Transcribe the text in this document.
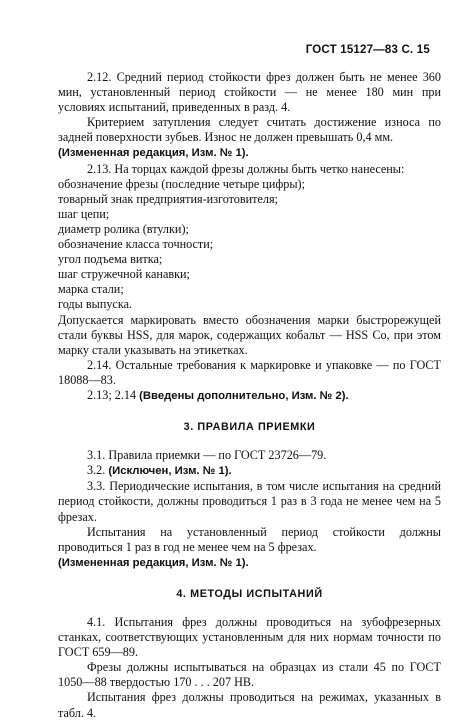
ГОСТ 15127—83 С. 15

2.12. Средний период стойкости фрез должен быть не менее 360 мин, установленный период стойкости — не менее 180 мин при условиях испытаний, приведенных в разд. 4.

Критерием затупления следует считать достижение износа по задней поверхности зубьев. Износ не должен превышать 0,4 мм.

(Измененная редакция, Изм. № 1).

2.13. На торцах каждой фрезы должны быть четко нанесены:

обозначение фрезы (последние четыре цифры);

товарный знак предприятия-изготовителя;

шаг цепи;

диаметр ролика (втулки);

обозначение класса точности;

угол подъема витка;

шаг стружечной канавки;

марка стали;

годы выпуска.

Допускается маркировать вместо обозначения марки быстрорежущей стали буквы HSS, для марок, содержащих кобальт — HSS Co, при этом марку стали указывать на этикетках.

2.14. Остальные требования к маркировке и упаковке — по ГОСТ 18088—83.

2.13; 2.14 (Введены дополнительно, Изм. № 2).

3. ПРАВИЛА ПРИЕМКИ

3.1. Правила приемки — по ГОСТ 23726—79.

3.2. (Исключен, Изм. № 1).

3.3. Периодические испытания, в том числе испытания на средний период стойкости, должны проводиться 1 раз в 3 года не менее чем на 5 фрезах.

Испытания на установленный период стойкости должны проводиться 1 раз в год не менее чем на 5 фрезах.

(Измененная редакция, Изм. № 1).

4. МЕТОДЫ ИСПЫТАНИЙ

4.1. Испытания фрез должны проводиться на зубофрезерных станках, соответствующих установленным для них нормам точности по ГОСТ 659—89.

Фрезы должны испытываться на образцах из стали 45 по ГОСТ 1050—88 твердостью 170 . . . 207 НВ.

Испытания фрез должны проводиться на режимах, указанных в табл. 4.
